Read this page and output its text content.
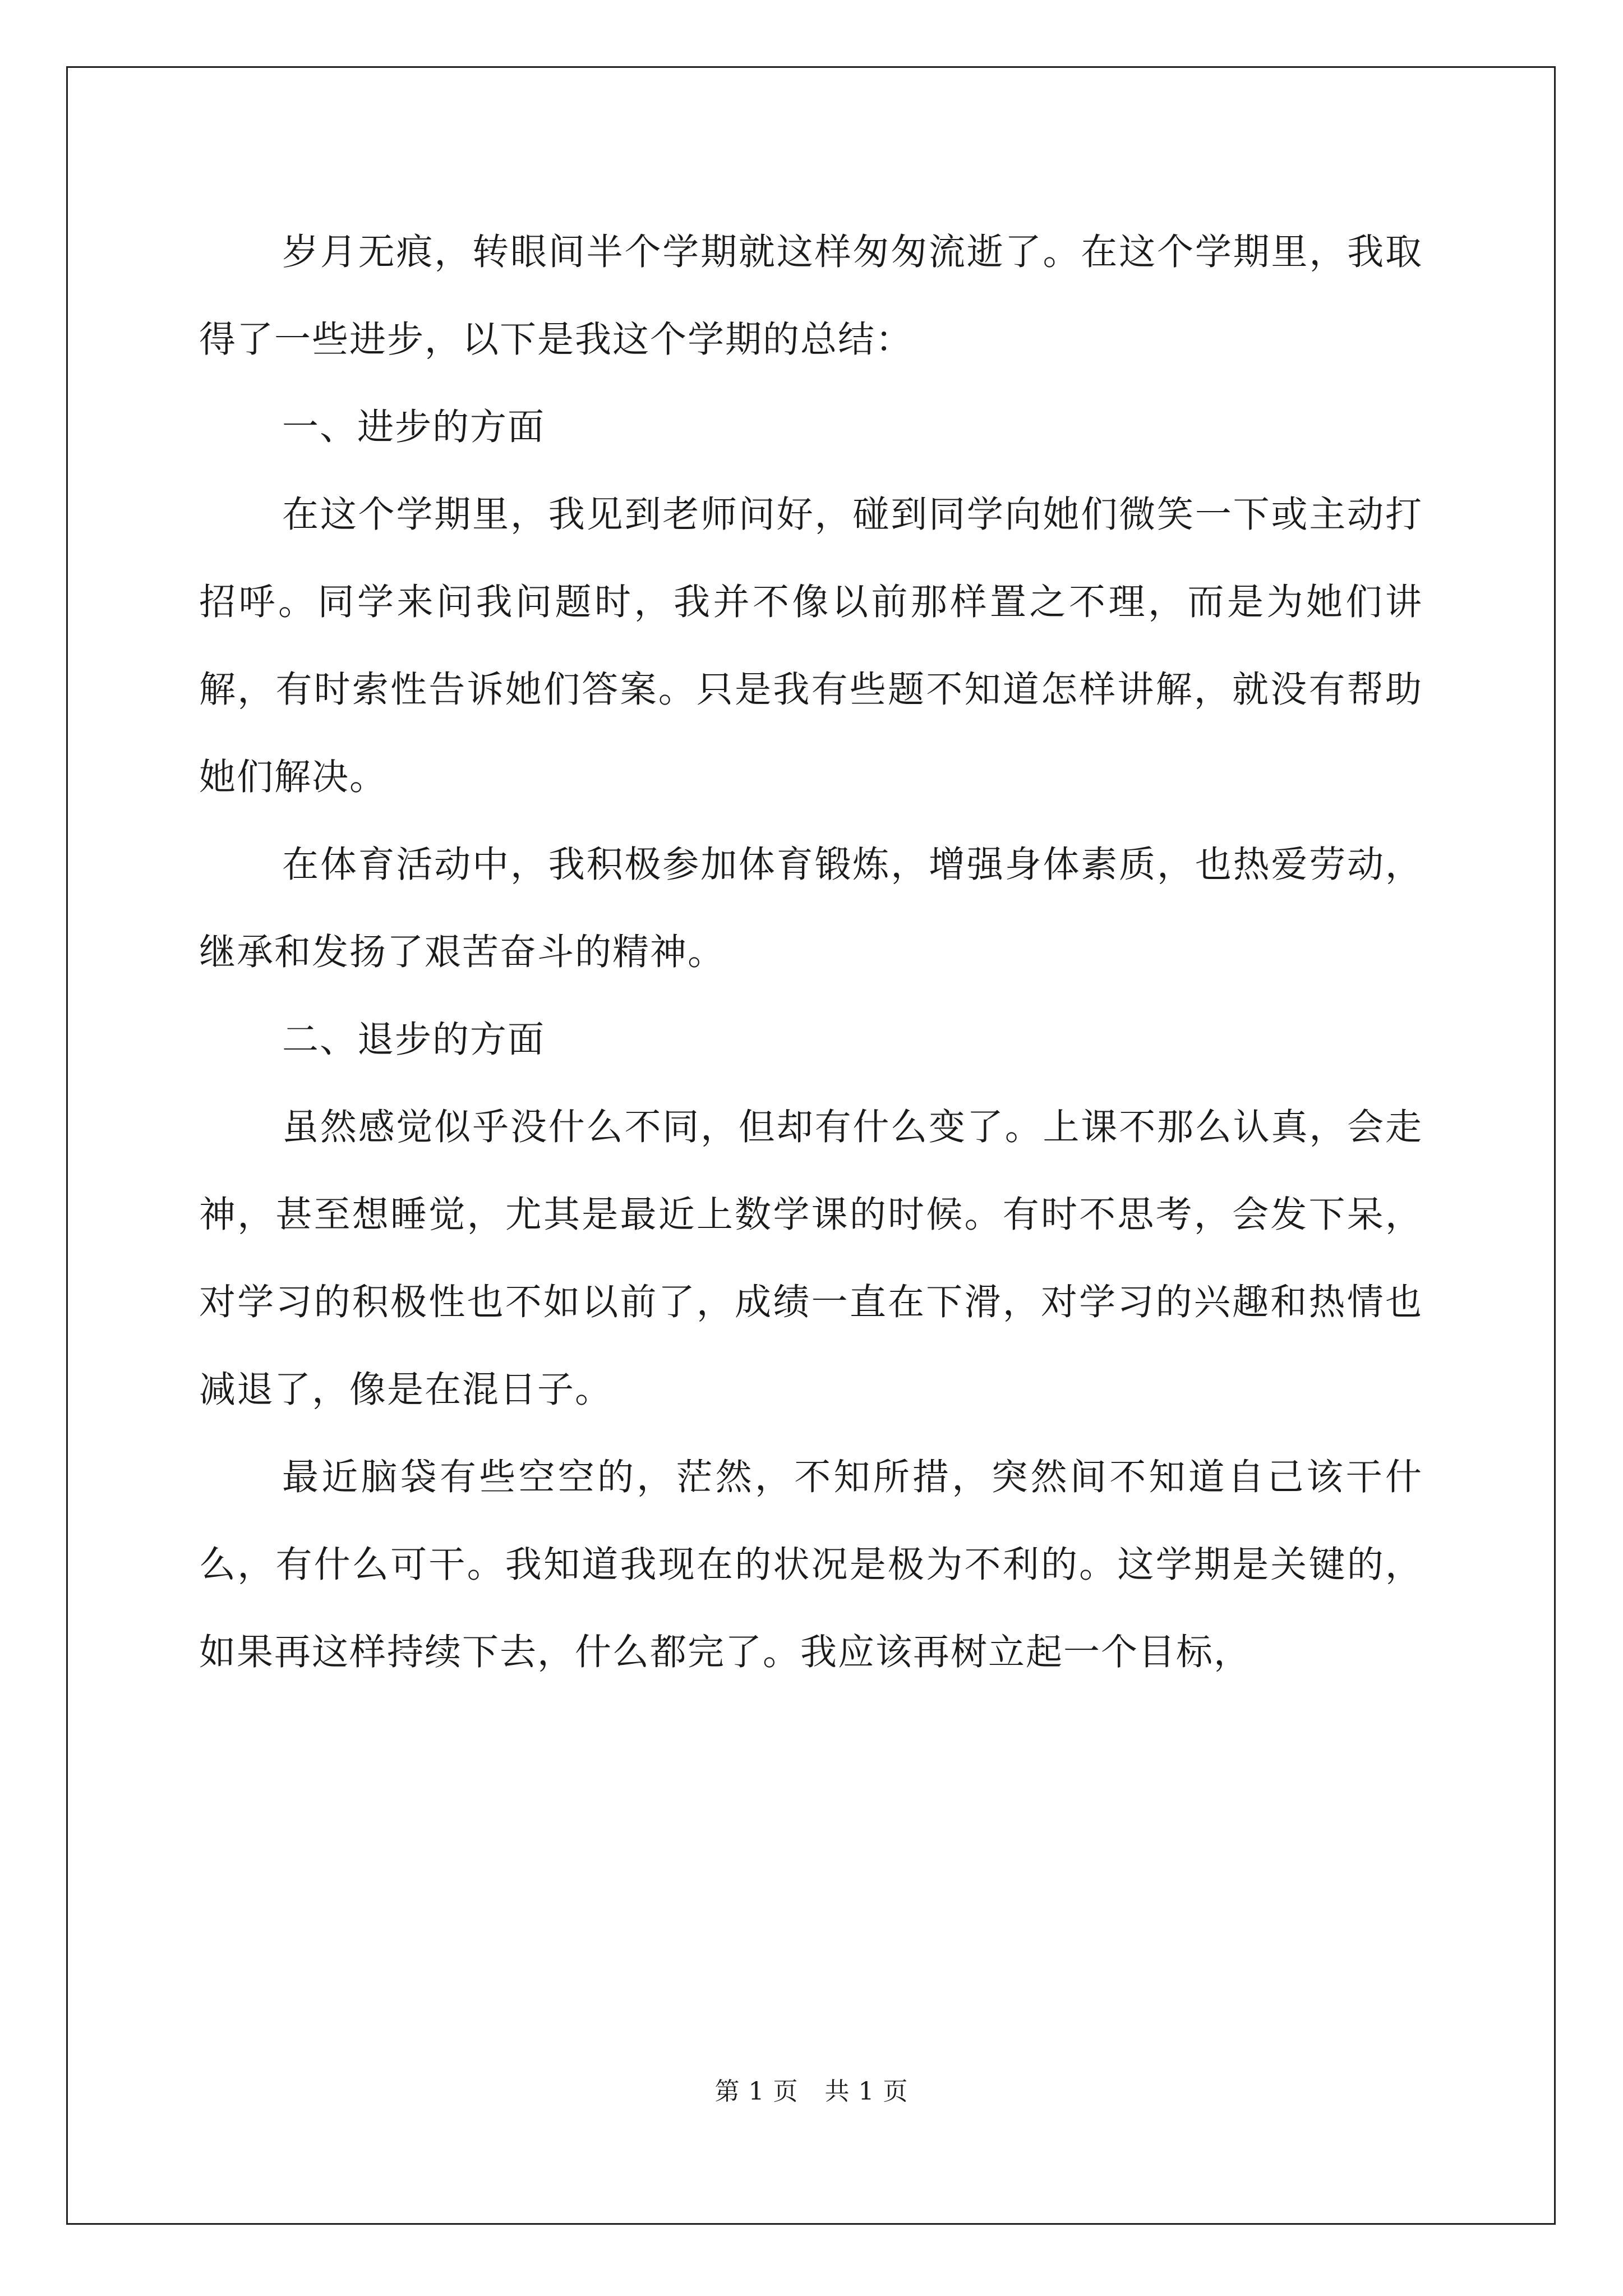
岁月无痕，转眼间半个学期就这样匆匆流逝了。在这个学期里，我取得了一些进步，以下是我这个学期的总结：

一、进步的方面

在这个学期里，我见到老师问好，碰到同学向她们微笑一下或主动打招呼。同学来问我问题时，我并不像以前那样置之不理，而是为她们讲解，有时索性告诉她们答案。只是我有些题不知道怎样讲解，就没有帮助她们解决。

在体育活动中，我积极参加体育锻炼，增强身体素质，也热爱劳动，继承和发扬了艰苦奋斗的精神。

二、退步的方面

虽然感觉似乎没什么不同，但却有什么变了。上课不那么认真，会走神，甚至想睡觉，尤其是最近上数学课的时候。有时不思考，会发下呆，对学习的积极性也不如以前了，成绩一直在下滑，对学习的兴趣和热情也减退了，像是在混日子。

最近脑袋有些空空的，茫然，不知所措，突然间不知道自己该干什么，有什么可干。我知道我现在的状况是极为不利的。这学期是关键的，如果再这样持续下去，什么都完了。我应该再树立起一个目标，

第 1 页 共 1 页
